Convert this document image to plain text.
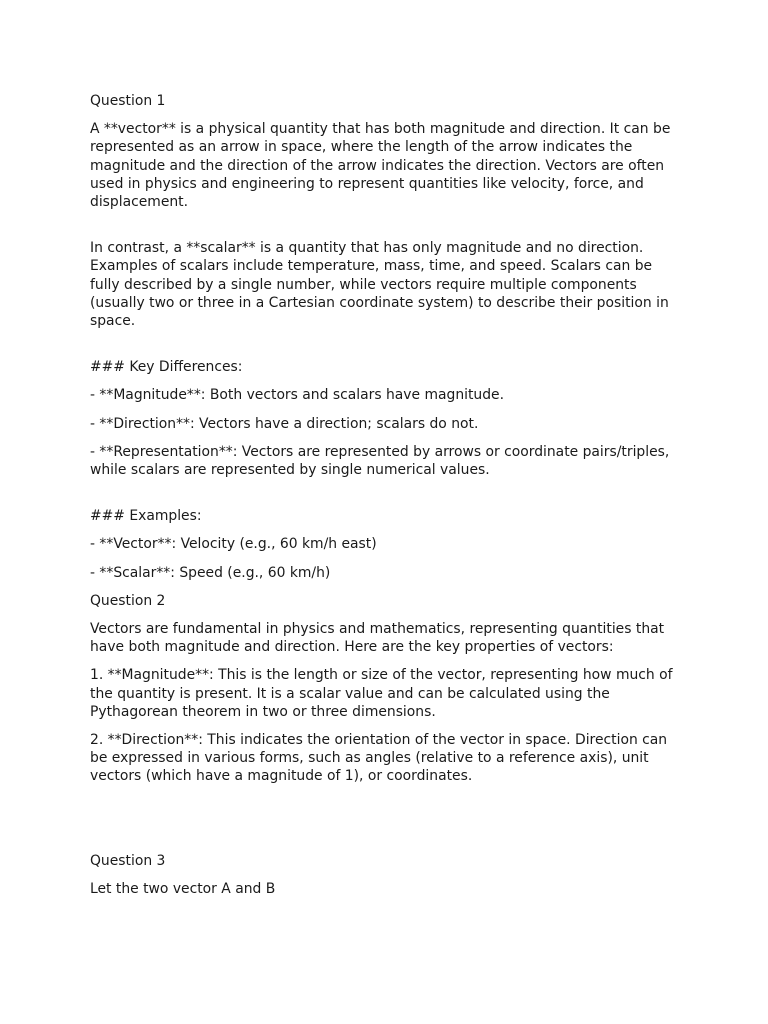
Question 1

A **vector** is a physical quantity that has both magnitude and direction. It can be represented as an arrow in space, where the length of the arrow indicates the magnitude and the direction of the arrow indicates the direction. Vectors are often used in physics and engineering to represent quantities like velocity, force, and displacement.

In contrast, a **scalar** is a quantity that has only magnitude and no direction. Examples of scalars include temperature, mass, time, and speed. Scalars can be fully described by a single number, while vectors require multiple components (usually two or three in a Cartesian coordinate system) to describe their position in space.

### Key Differences:

- **Magnitude**: Both vectors and scalars have magnitude.

- **Direction**: Vectors have a direction; scalars do not.

- **Representation**: Vectors are represented by arrows or coordinate pairs/triples, while scalars are represented by single numerical values.

### Examples:

- **Vector**: Velocity (e.g., 60 km/h east)

- **Scalar**: Speed (e.g., 60 km/h)

Question 2

Vectors are fundamental in physics and mathematics, representing quantities that have both magnitude and direction. Here are the key properties of vectors:

1. **Magnitude**: This is the length or size of the vector, representing how much of the quantity is present. It is a scalar value and can be calculated using the Pythagorean theorem in two or three dimensions.

2. **Direction**: This indicates the orientation of the vector in space. Direction can be expressed in various forms, such as angles (relative to a reference axis), unit vectors (which have a magnitude of 1), or coordinates.

Question 3

Let the two vector A and B
